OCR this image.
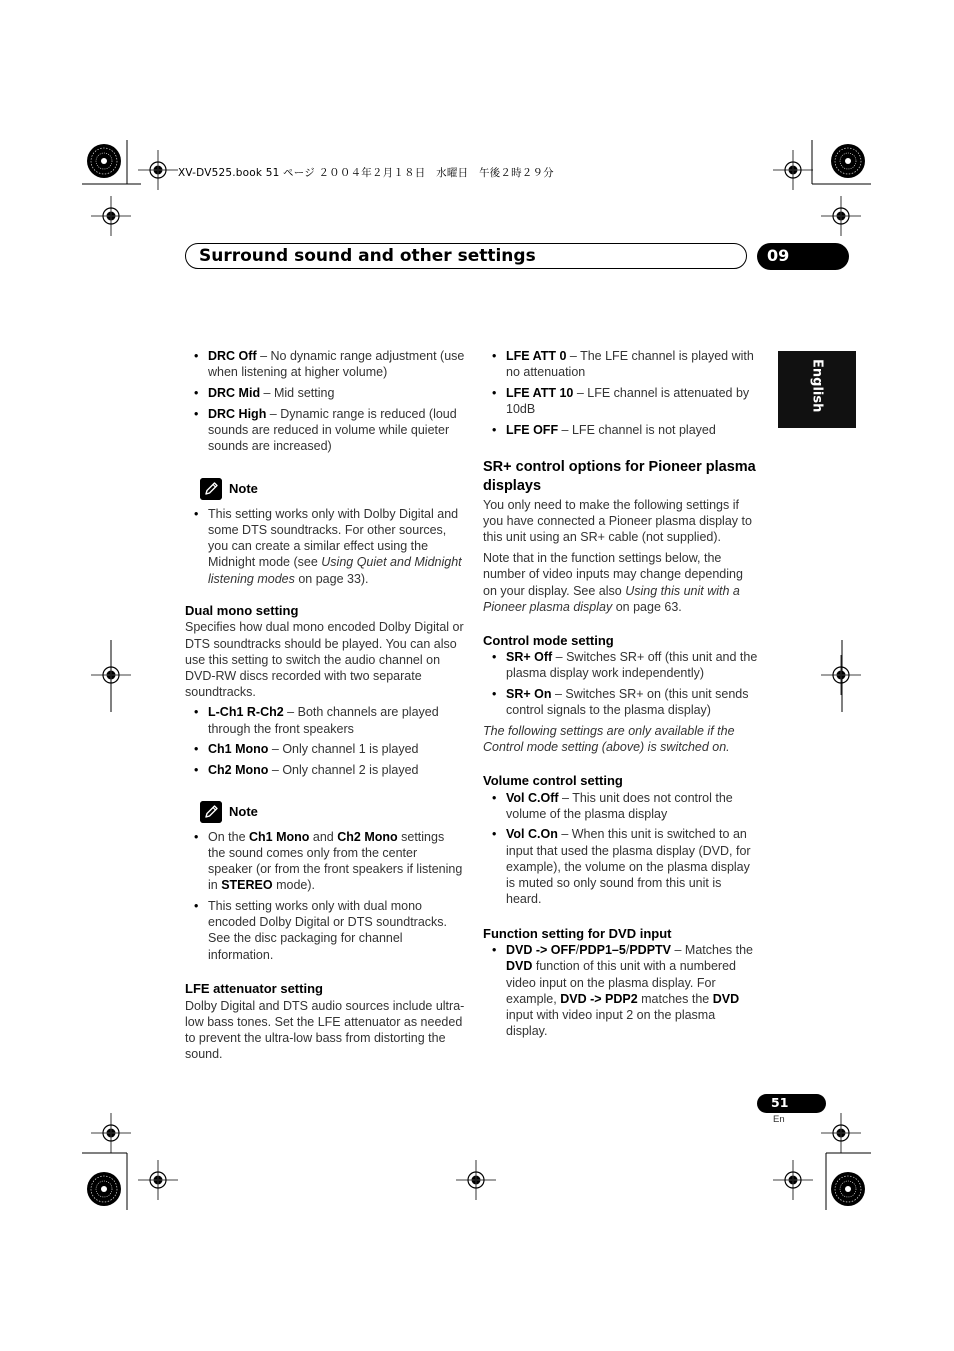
XV-DV525.book 51 ページ ２００４年２月１８日　水曜日　午後２時２９分
Surround sound and other settings	09
English
• DRC Off – No dynamic range adjustment (use when listening at higher volume)
• DRC Mid – Mid setting
• DRC High – Dynamic range is reduced (loud sounds are reduced in volume while quieter sounds are increased)
Note
• This setting works only with Dolby Digital and some DTS soundtracks. For other sources, you can create a similar effect using the Midnight mode (see Using Quiet and Midnight listening modes on page 33).
Dual mono setting

Specifies how dual mono encoded Dolby Digital or DTS soundtracks should be played. You can also use this setting to switch the audio channel on DVD-RW discs recorded with two separate soundtracks.

• L-Ch1 R-Ch2 – Both channels are played through the front speakers
• Ch1 Mono – Only channel 1 is played
• Ch2 Mono – Only channel 2 is played
Note
• On the Ch1 Mono and Ch2 Mono settings the sound comes only from the center speaker (or from the front speakers if listening in STEREO mode).
• This setting works only with dual mono encoded Dolby Digital or DTS soundtracks. See the disc packaging for channel information.
LFE attenuator setting

Dolby Digital and DTS audio sources include ultra-low bass tones. Set the LFE attenuator as needed to prevent the ultra-low bass from distorting the sound.

• LFE ATT 0 – The LFE channel is played with no attenuation
• LFE ATT 10 – LFE channel is attenuated by 10dB
• LFE OFF – LFE channel is not played
SR+ control options for Pioneer plasma displays

You only need to make the following settings if you have connected a Pioneer plasma display to this unit using an SR+ cable (not supplied).

Note that in the function settings below, the number of video inputs may change depending on your display. See also Using this unit with a Pioneer plasma display on page 63.

Control mode setting
• SR+ Off – Switches SR+ off (this unit and the plasma display work independently)
• SR+ On – Switches SR+ on (this unit sends control signals to the plasma display)

The following settings are only available if the Control mode setting (above) is switched on.

Volume control setting
• Vol C.Off – This unit does not control the volume of the plasma display
• Vol C.On – When this unit is switched to an input that used the plasma display (DVD, for example), the volume on the plasma display is muted so only sound from this unit is heard.
Function setting for DVD input
• DVD -> OFF/PDP1–5/PDPTV – Matches the DVD function of this unit with a numbered video input on the plasma display. For example, DVD -> PDP2 matches the DVD input with video input 2 on the plasma display.
51
En
